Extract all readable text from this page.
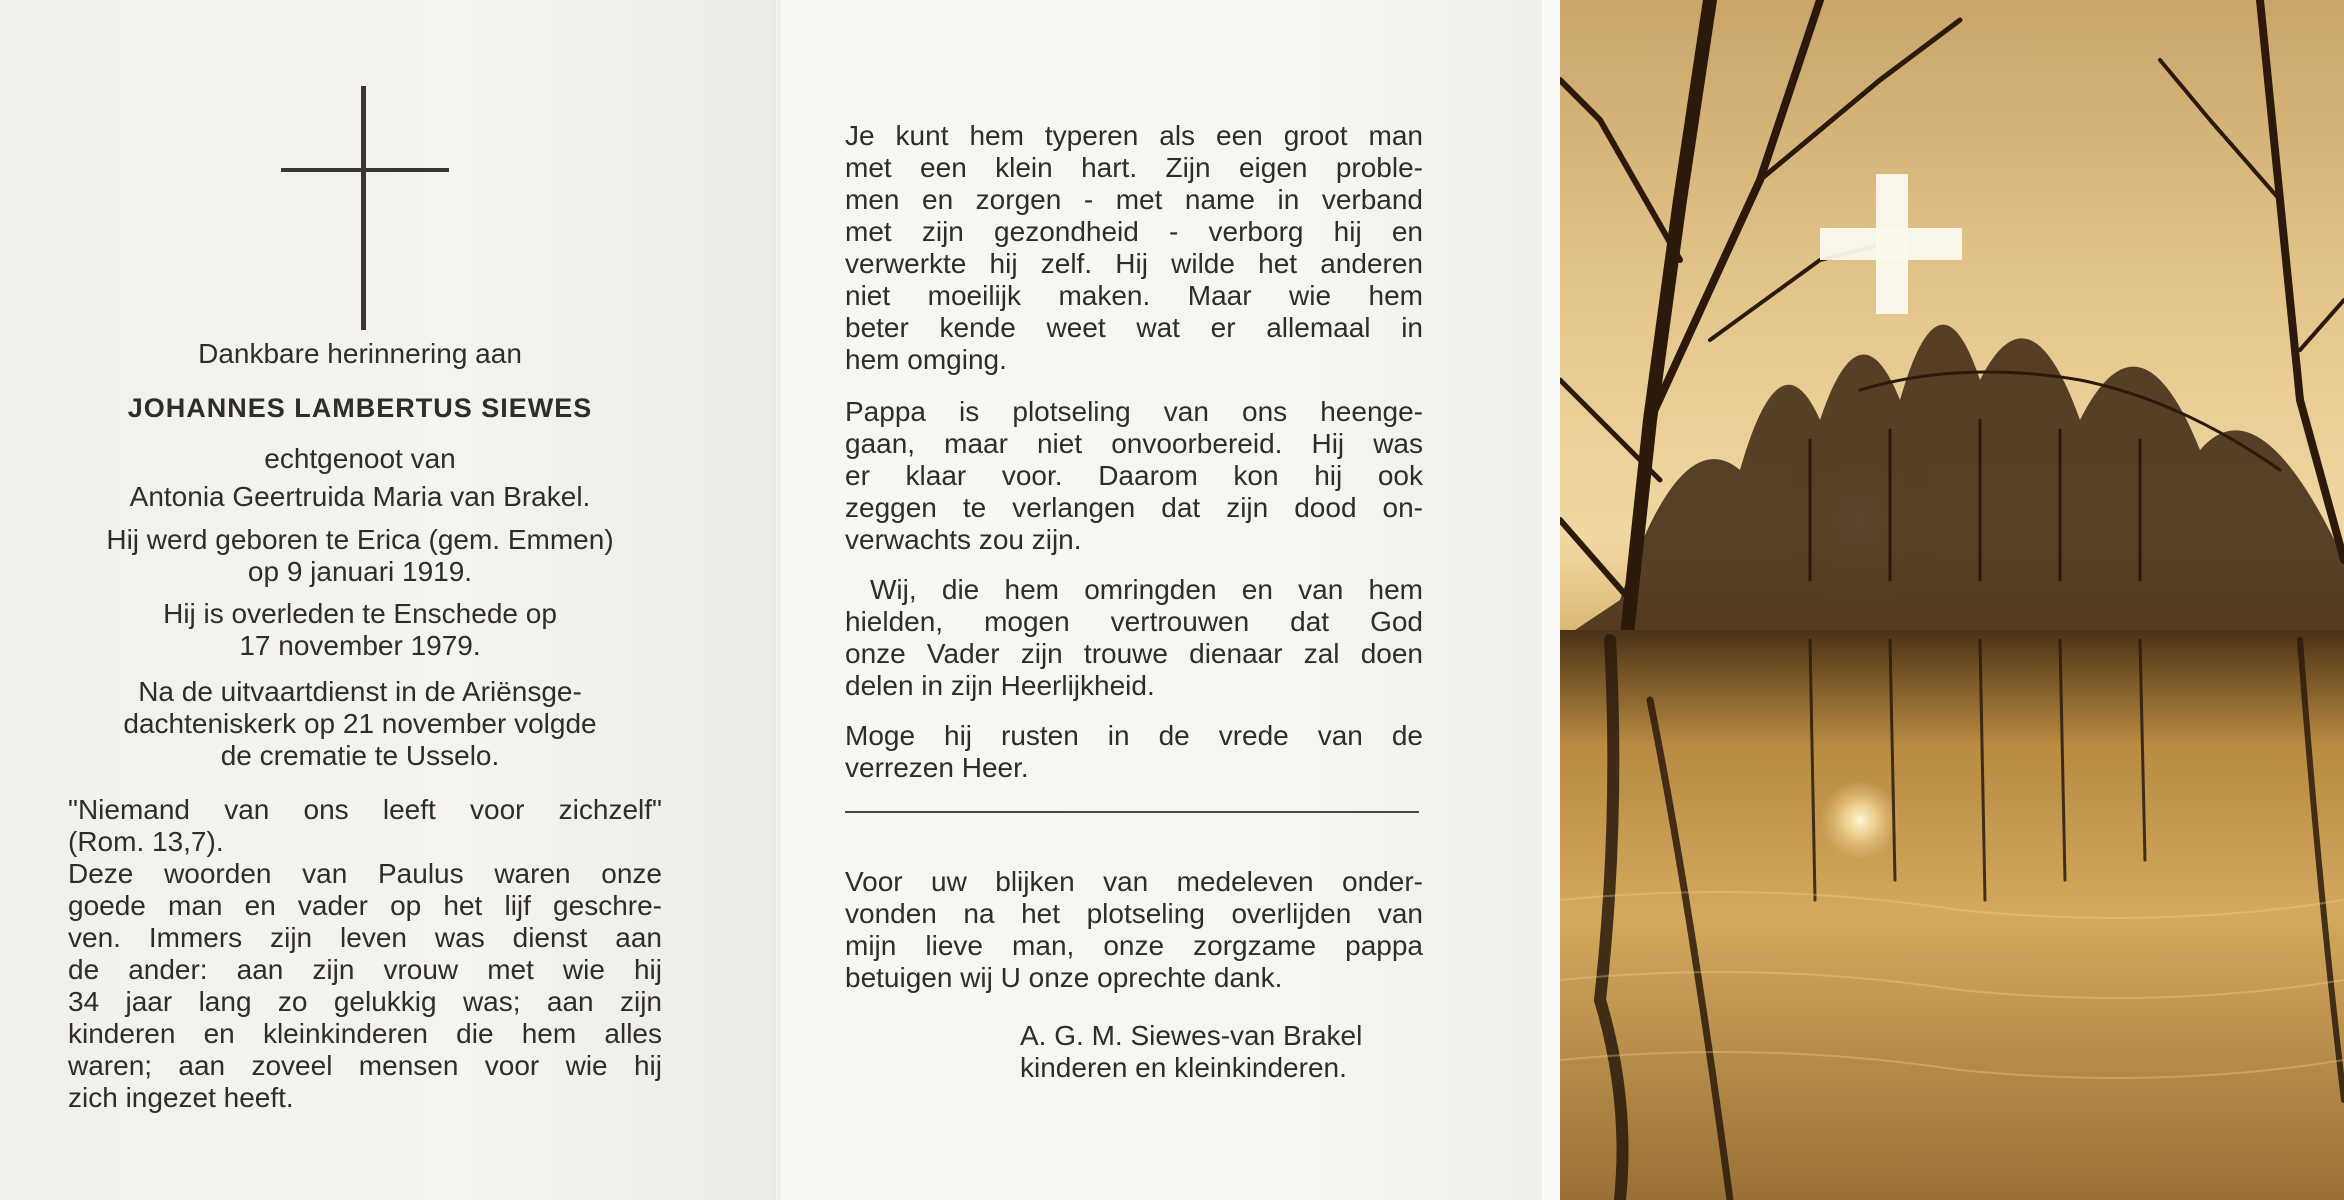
Dankbare herinnering aan

JOHANNES LAMBERTUS SIEWES

echtgenoot van

Antonia Geertruida Maria van Brakel.

Hij werd geboren te Erica (gem. Emmen)

op 9 januari 1919.

Hij is overleden te Enschede op

17 november 1979.

Na de uitvaartdienst in de Ariënsge-

dachteniskerk op 21 november volgde

de crematie te Usselo.

"Niemand van ons leeft voor zichzelf"

(Rom. 13,7).

Deze woorden van Paulus waren onze

goede man en vader op het lijf geschre-

ven. Immers zijn leven was dienst aan

de ander: aan zijn vrouw met wie hij

34 jaar lang zo gelukkig was; aan zijn

kinderen en kleinkinderen die hem alles

waren; aan zoveel mensen voor wie hij

zich ingezet heeft.

Je kunt hem typeren als een groot man

met een klein hart. Zijn eigen proble-

men en zorgen - met name in verband

met zijn gezondheid - verborg hij en

verwerkte hij zelf. Hij wilde het anderen

niet moeilijk maken. Maar wie hem

beter kende weet wat er allemaal in

hem omging.

Pappa is plotseling van ons heenge-

gaan, maar niet onvoorbereid. Hij was

er klaar voor. Daarom kon hij ook

zeggen te verlangen dat zijn dood on-

verwachts zou zijn.

Wij, die hem omringden en van hem

hielden, mogen vertrouwen dat God

onze Vader zijn trouwe dienaar zal doen

delen in zijn Heerlijkheid.

Moge hij rusten in de vrede van de

verrezen Heer.

Voor uw blijken van medeleven onder-

vonden na het plotseling overlijden van

mijn lieve man, onze zorgzame pappa

betuigen wij U onze oprechte dank.

A. G. M. Siewes-van Brakel

kinderen en kleinkinderen.
